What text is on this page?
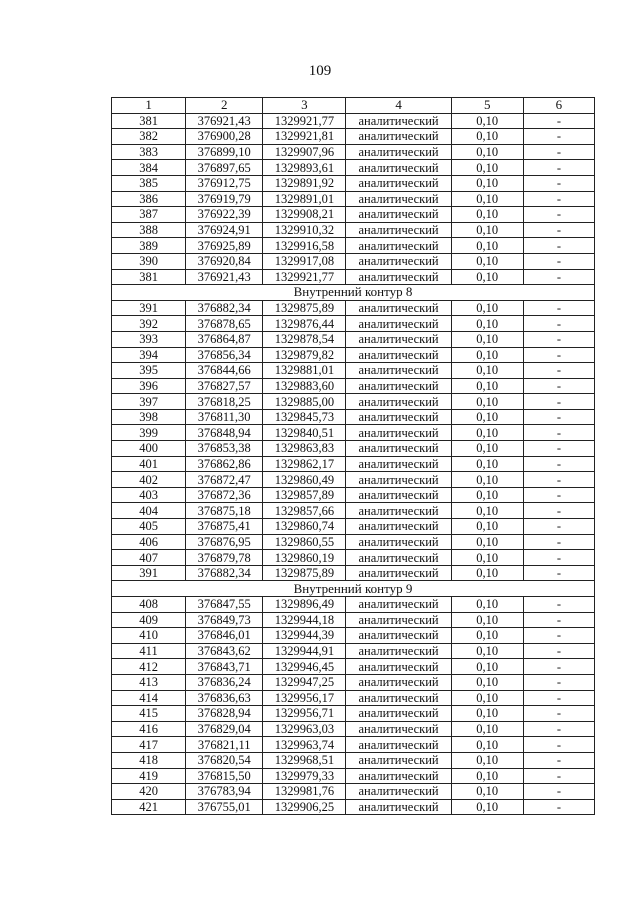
109
1	2	3	4	5	6
381	376921,43	1329921,77	аналитический	0,10	-
382	376900,28	1329921,81	аналитический	0,10	-
383	376899,10	1329907,96	аналитический	0,10	-
384	376897,65	1329893,61	аналитический	0,10	-
385	376912,75	1329891,92	аналитический	0,10	-
386	376919,79	1329891,01	аналитический	0,10	-
387	376922,39	1329908,21	аналитический	0,10	-
388	376924,91	1329910,32	аналитический	0,10	-
389	376925,89	1329916,58	аналитический	0,10	-
390	376920,84	1329917,08	аналитический	0,10	-
381	376921,43	1329921,77	аналитический	0,10	-
Внутренний контур 8					
391	376882,34	1329875,89	аналитический	0,10	-
392	376878,65	1329876,44	аналитический	0,10	-
393	376864,87	1329878,54	аналитический	0,10	-
394	376856,34	1329879,82	аналитический	0,10	-
395	376844,66	1329881,01	аналитический	0,10	-
396	376827,57	1329883,60	аналитический	0,10	-
397	376818,25	1329885,00	аналитический	0,10	-
398	376811,30	1329845,73	аналитический	0,10	-
399	376848,94	1329840,51	аналитический	0,10	-
400	376853,38	1329863,83	аналитический	0,10	-
401	376862,86	1329862,17	аналитический	0,10	-
402	376872,47	1329860,49	аналитический	0,10	-
403	376872,36	1329857,89	аналитический	0,10	-
404	376875,18	1329857,66	аналитический	0,10	-
405	376875,41	1329860,74	аналитический	0,10	-
406	376876,95	1329860,55	аналитический	0,10	-
407	376879,78	1329860,19	аналитический	0,10	-
391	376882,34	1329875,89	аналитический	0,10	-
Внутренний контур 9					
408	376847,55	1329896,49	аналитический	0,10	-
409	376849,73	1329944,18	аналитический	0,10	-
410	376846,01	1329944,39	аналитический	0,10	-
411	376843,62	1329944,91	аналитический	0,10	-
412	376843,71	1329946,45	аналитический	0,10	-
413	376836,24	1329947,25	аналитический	0,10	-
414	376836,63	1329956,17	аналитический	0,10	-
415	376828,94	1329956,71	аналитический	0,10	-
416	376829,04	1329963,03	аналитический	0,10	-
417	376821,11	1329963,74	аналитический	0,10	-
418	376820,54	1329968,51	аналитический	0,10	-
419	376815,50	1329979,33	аналитический	0,10	-
420	376783,94	1329981,76	аналитический	0,10	-
421	376755,01	1329906,25	аналитический	0,10	-
